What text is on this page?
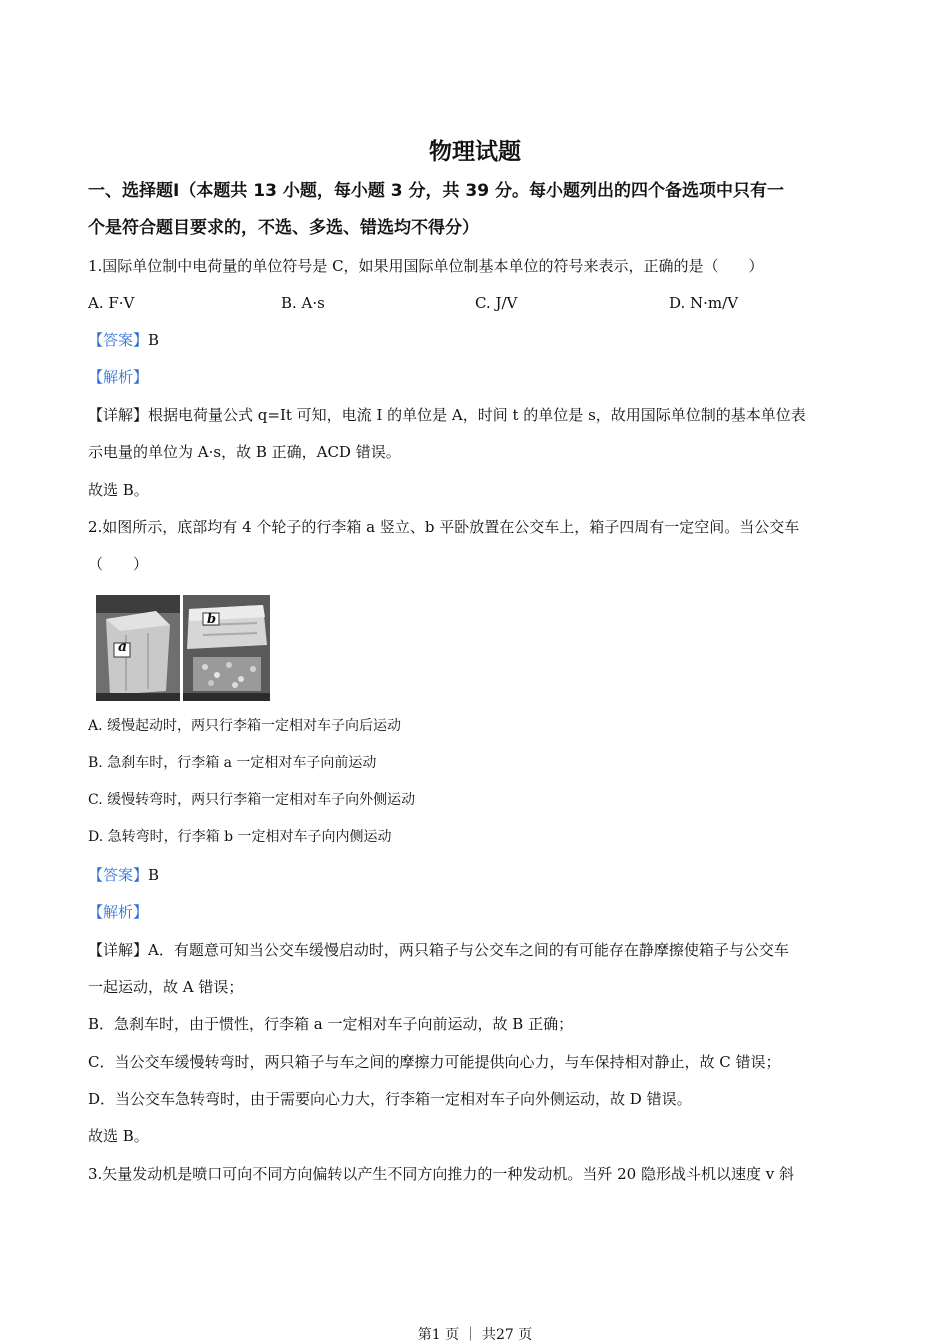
物理试题
一、选择题Ⅰ（本题共 13 小题，每小题 3 分，共 39 分。每小题列出的四个备选项中只有一
个是符合题目要求的，不选、多选、错选均不得分）
1.国际单位制中电荷量的单位符号是 C，如果用国际单位制基本单位的符号来表示，正确的是（　　）
A. F·V	B. A·s	C. J/V	D. N·m/V
【答案】B
【解析】
【详解】根据电荷量公式 q=It 可知，电流 I 的单位是 A，时间 t 的单位是 s，故用国际单位制的基本单位表
示电量的单位为 A·s，故 B 正确，ACD 错误。
故选 B。
2.如图所示，底部均有 4 个轮子的行李箱 a 竖立、b 平卧放置在公交车上，箱子四周有一定空间。当公交车
（　　）
a
b
A. 缓慢起动时，两只行李箱一定相对车子向后运动
B. 急刹车时，行李箱 a 一定相对车子向前运动
C. 缓慢转弯时，两只行李箱一定相对车子向外侧运动
D. 急转弯时，行李箱 b 一定相对车子向内侧运动
【答案】B
【解析】
【详解】A．有题意可知当公交车缓慢启动时，两只箱子与公交车之间的有可能存在静摩擦使箱子与公交车
一起运动，故 A 错误；
B．急刹车时，由于惯性，行李箱 a 一定相对车子向前运动，故 B 正确；
C．当公交车缓慢转弯时，两只箱子与车之间的摩擦力可能提供向心力，与车保持相对静止，故 C 错误；
D．当公交车急转弯时，由于需要向心力大，行李箱一定相对车子向外侧运动，故 D 错误。
故选 B。
3.矢量发动机是喷口可向不同方向偏转以产生不同方向推力的一种发动机。当歼 20 隐形战斗机以速度 v 斜
第1 页 ｜ 共27 页
